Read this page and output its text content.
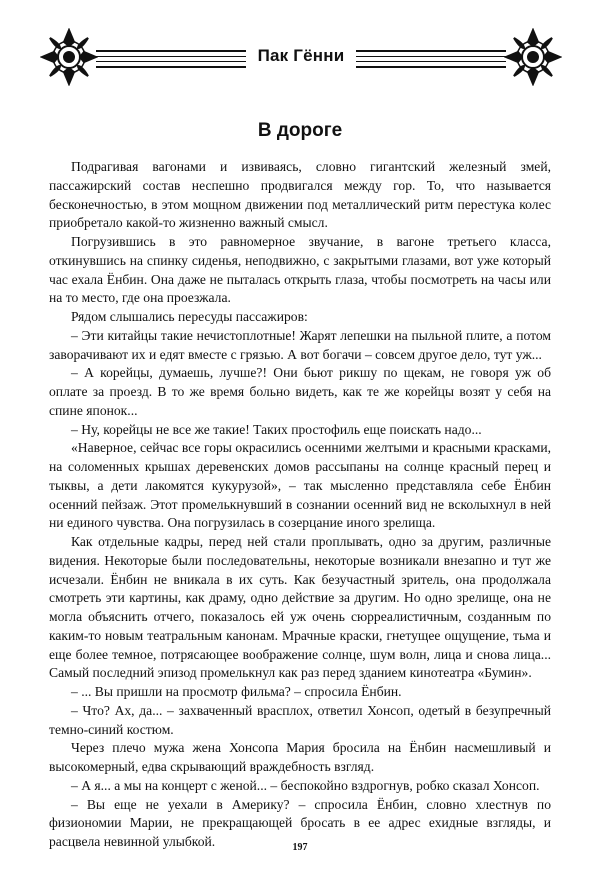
Пак Гённи
В дороге

Подрагивая вагонами и извиваясь, словно гигантский железный змей, пассажирский состав неспешно продвигался между гор. То, что называется бесконечностью, в этом мощном движении под металлический ритм перестука колес приобретало какой-то жизненно важный смысл.

Погрузившись в это равномерное звучание, в вагоне третьего класса, откинувшись на спинку сиденья, неподвижно, с закрытыми глазами, вот уже который час ехала Ёнбин. Она даже не пыталась открыть глаза, чтобы посмотреть на часы или на то место, где она проезжала.

Рядом слышались пересуды пассажиров:

– Эти китайцы такие нечистоплотные! Жарят лепешки на пыльной плите, а потом заворачивают их и едят вместе с грязью. А вот богачи – совсем другое дело, тут уж...

– А корейцы, думаешь, лучше?! Они бьют рикшу по щекам, не говоря уж об оплате за проезд. В то же время больно видеть, как те же корейцы возят у себя на спине японок...

– Ну, корейцы не все же такие! Таких простофиль еще поискать надо...

«Наверное, сейчас все горы окрасились осенними желтыми и красными красками, на соломенных крышах деревенских домов рассыпаны на солнце красный перец и тыквы, а дети лакомятся кукурузой», – так мысленно представляла себе Ёнбин осенний пейзаж. Этот промелькнувший в сознании осенний вид не всколыхнул в ней ни единого чувства. Она погрузилась в созерцание иного зрелища.

Как отдельные кадры, перед ней стали проплывать, одно за другим, различные видения. Некоторые были последовательны, некоторые возникали внезапно и тут же исчезали. Ёнбин не вникала в их суть. Как безучастный зритель, она продолжала смотреть эти картины, как драму, одно действие за другим. Но одно зрелище, она не могла объяснить отчего, показалось ей уж очень сюрреалистичным, созданным по каким-то новым театральным канонам. Мрачные краски, гнетущее ощущение, тьма и еще более темное, потрясающее воображение солнце, шум волн, лица и снова лица... Самый последний эпизод промелькнул как раз перед зданием кинотеатра «Бумин».

– ... Вы пришли на просмотр фильма? – спросила Ёнбин.

– Что? Ах, да... – захваченный врасплох, ответил Хонсоп, одетый в безупречный темно-синий костюм.

Через плечо мужа жена Хонсопа Мария бросила на Ёнбин насмешливый и высокомерный, едва скрывающий враждебность взгляд.

– А я... а мы на концерт с женой... – беспокойно вздрогнув, робко сказал Хонсоп.

– Вы еще не уехали в Америку? – спросила Ёнбин, словно хлестнув по физиономии Марии, не прекращающей бросать в ее адрес ехидные взгляды, и расцвела невинной улыбкой.	197
